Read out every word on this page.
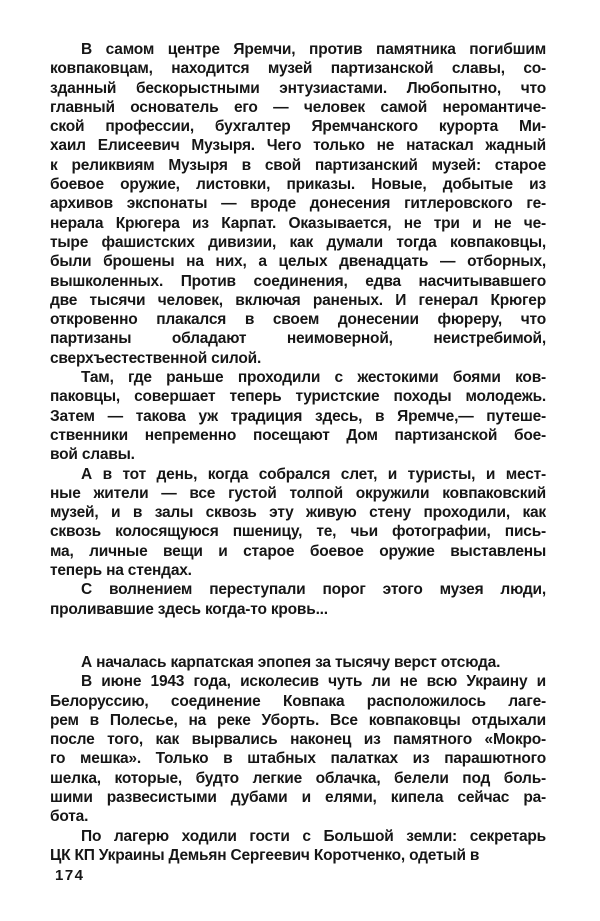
В самом центре Яремчи, против памятника погибшим
ковпаковцам, находится музей партизанской славы, со-
зданный бескорыстными энтузиастами. Любопытно, что
главный основатель его — человек самой неромантиче-
ской профессии, бухгалтер Яремчанского курорта Ми-
хаил Елисеевич Музыря. Чего только не натаскал жадный
к реликвиям Музыря в свой партизанский музей: старое
боевое оружие, листовки, приказы. Новые, добытые из
архивов экспонаты — вроде донесения гитлеровского ге-
нерала Крюгера из Карпат. Оказывается, не три и не че-
тыре фашистских дивизии, как думали тогда ковпаковцы,
были брошены на них, а целых двенадцать — отборных,
вышколенных. Против соединения, едва насчитывавшего
две тысячи человек, включая раненых. И генерал Крюгер
откровенно плакался в своем донесении фюреру, что
партизаны обладают неимоверной, неистребимой,
сверхъестественной силой.
Там, где раньше проходили с жестокими боями ков-
паковцы, совершает теперь туристские походы молодежь.
Затем — такова уж традиция здесь, в Яремче,— путеше-
ственники непременно посещают Дом партизанской бое-
вой славы.
А в тот день, когда собрался слет, и туристы, и мест-
ные жители — все густой толпой окружили ковпаковский
музей, и в залы сквозь эту живую стену проходили, как
сквозь колосящуюся пшеницу, те, чьи фотографии, пись-
ма, личные вещи и старое боевое оружие выставлены
теперь на стендах.
С волнением переступали порог этого музея люди,
проливавшие здесь когда-то кровь...
А началась карпатская эпопея за тысячу верст отсюда.
В июне 1943 года, исколесив чуть ли не всю Украину и
Белоруссию, соединение Ковпака расположилось лаге-
рем в Полесье, на реке Уборть. Все ковпаковцы отдыхали
после того, как вырвались наконец из памятного «Мокро-
го мешка». Только в штабных палатках из парашютного
шелка, которые, будто легкие облачка, белели под боль-
шими развесистыми дубами и елями, кипела сейчас ра-
бота.
По лагерю ходили гости с Большой земли: секретарь
ЦК КП Украины Демьян Сергеевич Коротченко, одетый в
174
